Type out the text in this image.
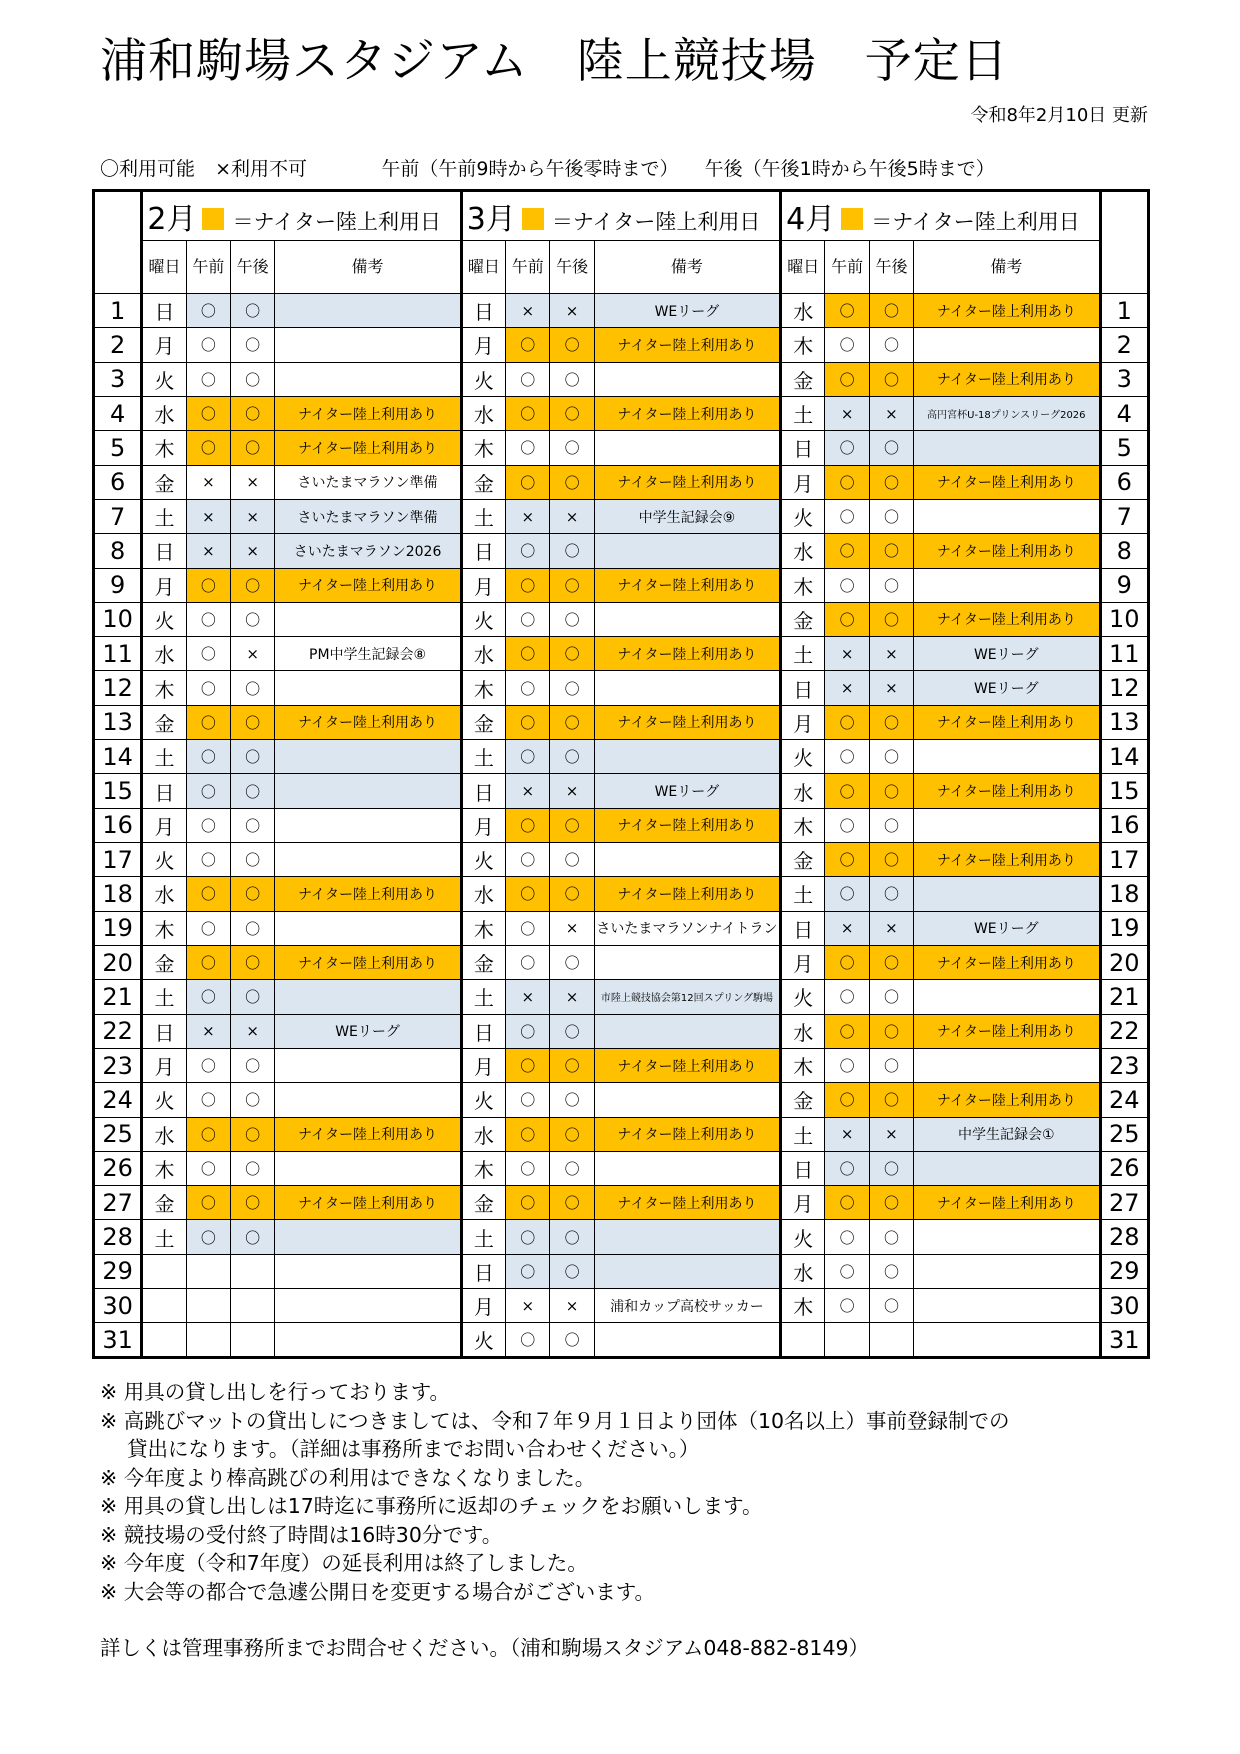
浦和駒場スタジアム　陸上競技場　予定日
令和8年2月10日 更新
〇利用可能 ×利用不可	午前（午前9時から午後零時まで） 午後（午後1時から午後5時まで）
	2月 ＝ナイター陸上利用日				3月 ＝ナイター陸上利用日				4月 ＝ナイター陸上利用日				
	曜日	午前	午後	備考	曜日	午前	午後	備考	曜日	午前	午後	備考	
1	日	〇	〇		日	×	×	WEリーグ	水	〇	〇	ナイター陸上利用あり	1
2	月	〇	〇		月	〇	〇	ナイター陸上利用あり	木	〇	〇		2
3	火	〇	〇		火	〇	〇		金	〇	〇	ナイター陸上利用あり	3
4	水	〇	〇	ナイター陸上利用あり	水	〇	〇	ナイター陸上利用あり	土	×	×	高円宮杯U-18プリンスリーグ2026	4
5	木	〇	〇	ナイター陸上利用あり	木	〇	〇		日	〇	〇		5
6	金	×	×	さいたまマラソン準備	金	〇	〇	ナイター陸上利用あり	月	〇	〇	ナイター陸上利用あり	6
7	土	×	×	さいたまマラソン準備	土	×	×	中学生記録会⑨	火	〇	〇		7
8	日	×	×	さいたまマラソン2026	日	〇	〇		水	〇	〇	ナイター陸上利用あり	8
9	月	〇	〇	ナイター陸上利用あり	月	〇	〇	ナイター陸上利用あり	木	〇	〇		9
10	火	〇	〇		火	〇	〇		金	〇	〇	ナイター陸上利用あり	10
11	水	〇	×	PM中学生記録会⑧	水	〇	〇	ナイター陸上利用あり	土	×	×	WEリーグ	11
12	木	〇	〇		木	〇	〇		日	×	×	WEリーグ	12
13	金	〇	〇	ナイター陸上利用あり	金	〇	〇	ナイター陸上利用あり	月	〇	〇	ナイター陸上利用あり	13
14	土	〇	〇		土	〇	〇		火	〇	〇		14
15	日	〇	〇		日	×	×	WEリーグ	水	〇	〇	ナイター陸上利用あり	15
16	月	〇	〇		月	〇	〇	ナイター陸上利用あり	木	〇	〇		16
17	火	〇	〇		火	〇	〇		金	〇	〇	ナイター陸上利用あり	17
18	水	〇	〇	ナイター陸上利用あり	水	〇	〇	ナイター陸上利用あり	土	〇	〇		18
19	木	〇	〇		木	〇	×	さいたまマラソンナイトラン	日	×	×	WEリーグ	19
20	金	〇	〇	ナイター陸上利用あり	金	〇	〇		月	〇	〇	ナイター陸上利用あり	20
21	土	〇	〇		土	×	×	市陸上競技協会第12回スプリング駒場	火	〇	〇		21
22	日	×	×	WEリーグ	日	〇	〇		水	〇	〇	ナイター陸上利用あり	22
23	月	〇	〇		月	〇	〇	ナイター陸上利用あり	木	〇	〇		23
24	火	〇	〇		火	〇	〇		金	〇	〇	ナイター陸上利用あり	24
25	水	〇	〇	ナイター陸上利用あり	水	〇	〇	ナイター陸上利用あり	土	×	×	中学生記録会①	25
26	木	〇	〇		木	〇	〇		日	〇	〇		26
27	金	〇	〇	ナイター陸上利用あり	金	〇	〇	ナイター陸上利用あり	月	〇	〇	ナイター陸上利用あり	27
28	土	〇	〇		土	〇	〇		火	〇	〇		28
29					日	〇	〇		水	〇	〇		29
30					月	×	×	浦和カップ高校サッカー	木	〇	〇		30
31					火	〇	〇						31
※ 用具の貸し出しを行っております。
※ 高跳びマットの貸出しにつきましては、令和７年９月１日より団体（10名以上）事前登録制での
　 貸出になります。（詳細は事務所までお問い合わせください。）
※ 今年度より棒高跳びの利用はできなくなりました。
※ 用具の貸し出しは17時迄に事務所に返却のチェックをお願いします。
※ 競技場の受付終了時間は16時30分です。
※ 今年度（令和7年度）の延長利用は終了しました。
※ 大会等の都合で急遽公開日を変更する場合がございます。
詳しくは管理事務所までお問合せください。（浦和駒場スタジアム048-882-8149）
